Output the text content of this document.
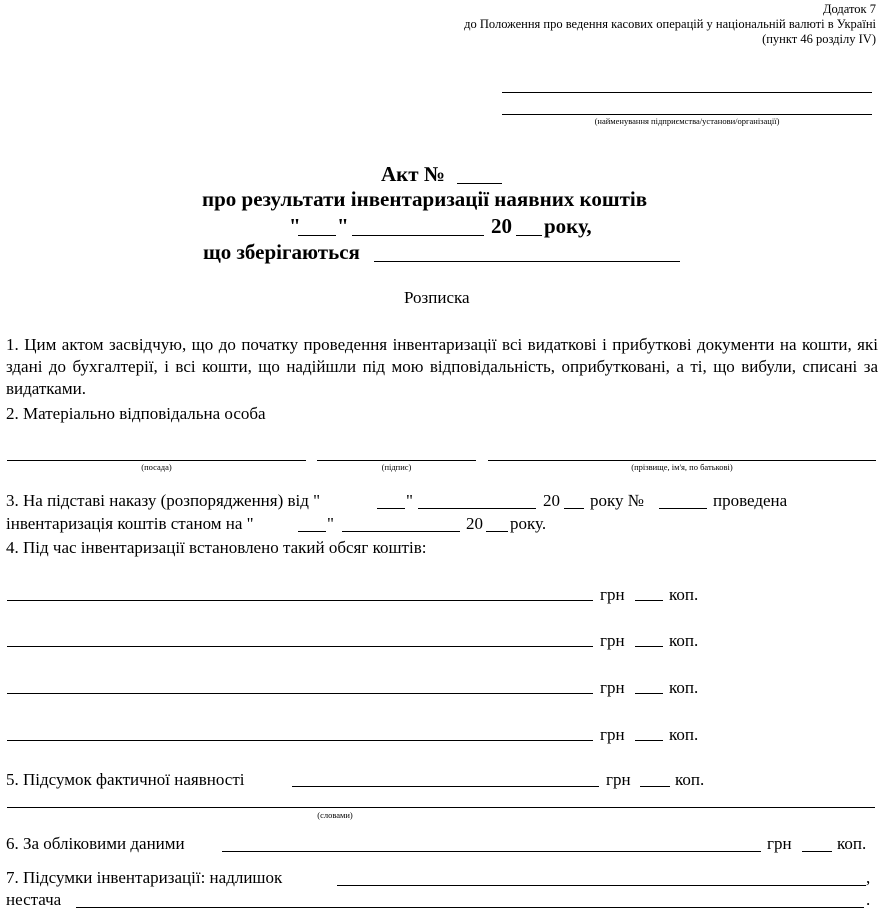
Додаток 7
до Положення про ведення касових операцій у національній валюті в Україні
(пункт 46 розділу IV)
(найменування підприємства/установи/організації)
Акт №
про результати інвентаризації наявних коштів
" "	20 року,
що зберігаються
Розписка
1. Цим актом засвідчую, що до початку проведення інвентаризації всі видаткові і прибуткові документи на кошти, які здані до бухгалтерії, і всі кошти, що надійшли під мою відповідальність, оприбутковані, а ті, що вибули, списані за видатками.
2. Матеріально відповідальна особа
(посада)	(підпис)	(прізвище, ім'я, по батькові)
3. На підставі наказу (розпорядження) від "	"	20 року №	проведена
інвентаризація коштів станом на "	"	20 року.
4. Під час інвентаризації встановлено такий обсяг коштів:
грн	коп.
грн	коп.
грн	коп.
грн	коп.
5. Підсумок фактичної наявності	грн	коп.
(словами)
6. За обліковими даними	грн	коп.
7. Підсумки інвентаризації: надлишок	,
нестача	.
